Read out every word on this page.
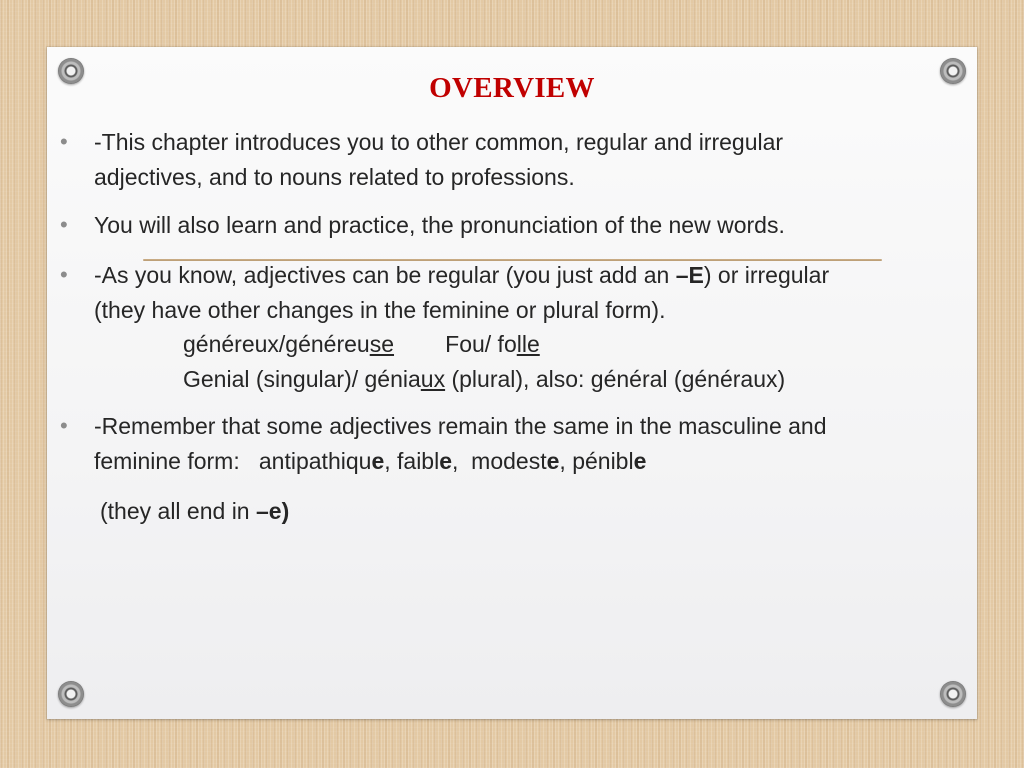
OVERVIEW
• -This chapter introduces you to other common, regular and irregular
adjectives, and to nouns related to professions.
• You will also learn and practice, the pronunciation of the new words.
• -As you know, adjectives can be regular (you just add an –E) or irregular
(they have other changes in the feminine or plural form).
généreux/généreuse Fou/ folle
Genial (singular)/ géniaux (plural), also: général (généraux)
• -Remember that some adjectives remain the same in the masculine and
feminine form:   antipathique, faible,  modeste, pénible
(they all end in –e)
